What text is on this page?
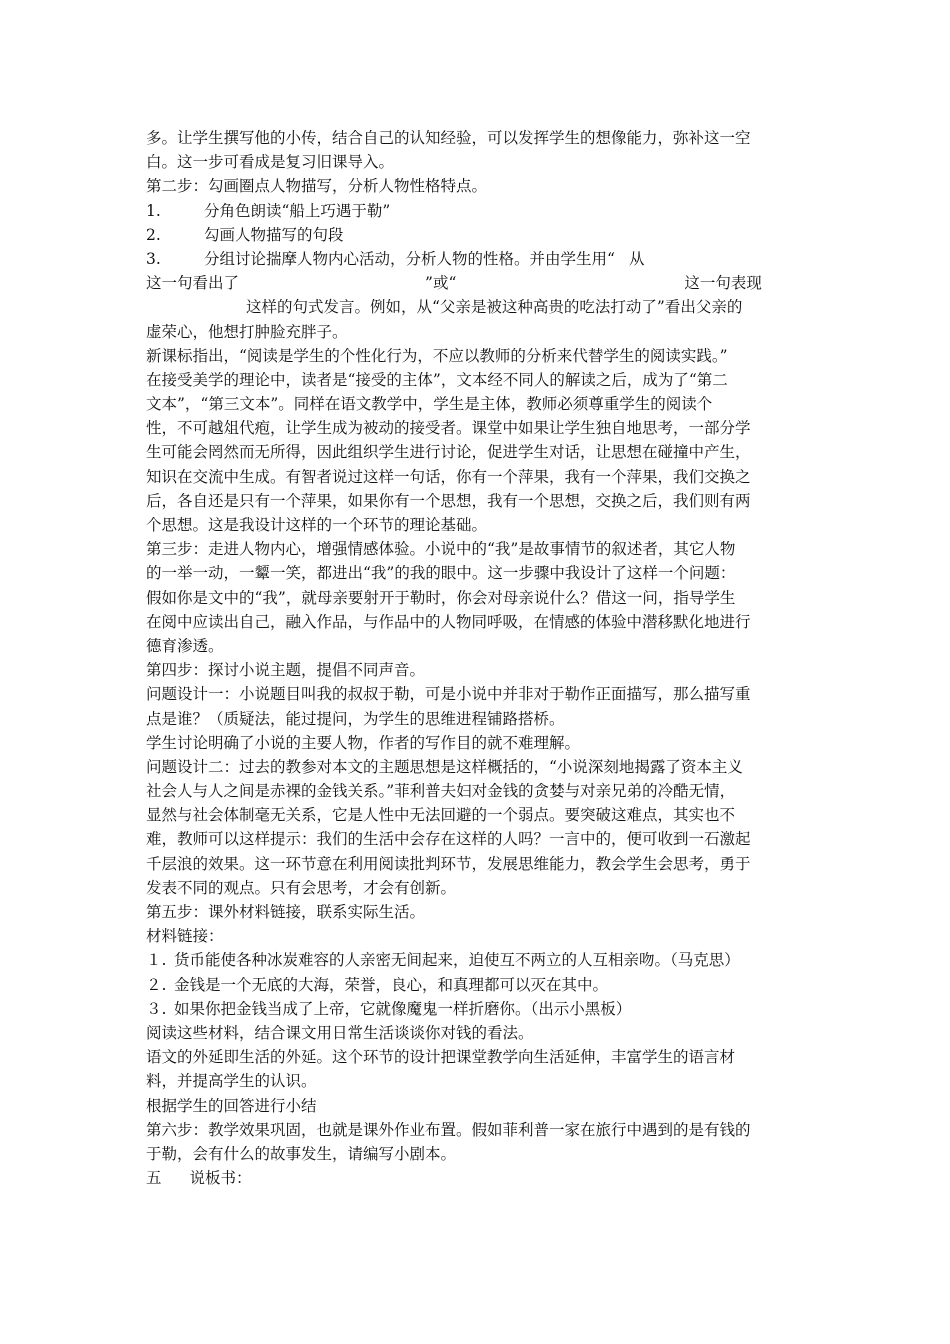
多。让学生撰写他的小传，结合自己的认知经验，可以发挥学生的想像能力，弥补这一空
白。这一步可看成是复习旧课导入。
第二步：勾画圈点人物描写，分析人物性格特点。
1.	分角色朗读“船上巧遇于勒”
2.	勾画人物描写的句段
3.	分组讨论揣摩人物内心活动，分析人物的性格。并由学生用“ 从
这一句看出了	”或“	这一句表现
这样的句式发言。例如，从“父亲是被这种高贵的吃法打动了”看出父亲的
虚荣心，他想打肿脸充胖子。
新课标指出，“阅读是学生的个性化行为，不应以教师的分析来代替学生的阅读实践。”
在接受美学的理论中，读者是“接受的主体”，文本经不同人的解读之后，成为了“第二
文本”，“第三文本”。同样在语文教学中，学生是主体，教师必须尊重学生的阅读个
性，不可越俎代疱，让学生成为被动的接受者。课堂中如果让学生独自地思考，一部分学
生可能会罔然而无所得，因此组织学生进行讨论，促进学生对话，让思想在碰撞中产生，
知识在交流中生成。有智者说过这样一句话，你有一个萍果，我有一个萍果，我们交换之
后，各自还是只有一个萍果，如果你有一个思想，我有一个思想，交换之后，我们则有两
个思想。这是我设计这样的一个环节的理论基础。
第三步：走进人物内心，增强情感体验。小说中的“我”是故事情节的叙述者，其它人物
的一举一动，一颦一笑，都进出“我”的我的眼中。这一步骤中我设计了这样一个问题：
假如你是文中的“我”，就母亲要射开于勒时，你会对母亲说什么？借这一问，指导学生
在阅中应读出自己，融入作品，与作品中的人物同呼吸，在情感的体验中潜移默化地进行
德育渗透。
第四步：探讨小说主题，提倡不同声音。
问题设计一：小说题目叫我的叔叔于勒，可是小说中并非对于勒作正面描写，那么描写重
点是谁？（质疑法，能过提问，为学生的思维进程铺路搭桥。
学生讨论明确了小说的主要人物，作者的写作目的就不难理解。
问题设计二：过去的教参对本文的主题思想是这样概括的，“小说深刻地揭露了资本主义
社会人与人之间是赤裸的金钱关系。”菲利普夫妇对金钱的贪婪与对亲兄弟的冷酷无情，
显然与社会体制毫无关系，它是人性中无法回避的一个弱点。要突破这难点，其实也不
难，教师可以这样提示：我们的生活中会存在这样的人吗？一言中的，便可收到一石激起
千层浪的效果。这一环节意在利用阅读批判环节，发展思维能力，教会学生会思考，勇于
发表不同的观点。只有会思考，才会有创新。
第五步：课外材料链接，联系实际生活。
材料链接：
１. 货币能使各种冰炭难容的人亲密无间起来，迫使互不两立的人互相亲吻。（马克思）
２. 金钱是一个无底的大海，荣誉，良心，和真理都可以灭在其中。
３. 如果你把金钱当成了上帝，它就像魔鬼一样折磨你。（出示小黑板）
阅读这些材料，结合课文用日常生活谈谈你对钱的看法。
语文的外延即生活的外延。这个环节的设计把课堂教学向生活延伸，丰富学生的语言材
料，并提高学生的认识。
根据学生的回答进行小结
第六步：教学效果巩固，也就是课外作业布置。假如菲利普一家在旅行中遇到的是有钱的
于勒，会有什么的故事发生，请编写小剧本。
五 说板书：
